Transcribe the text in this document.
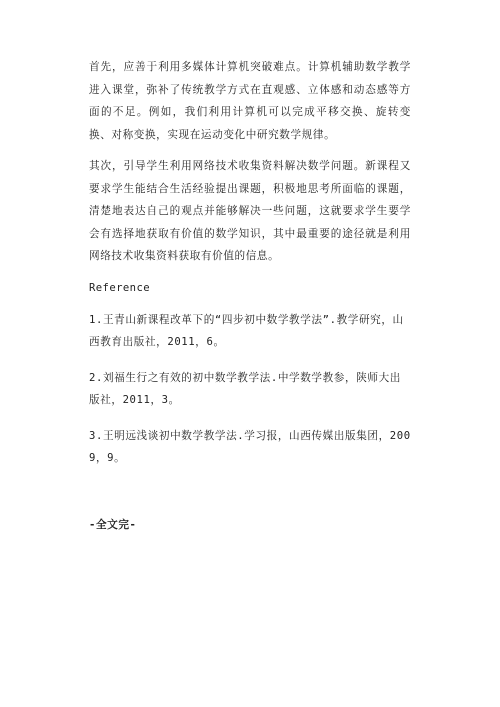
首先，应善于利用多媒体计算机突破难点。计算机辅助数学教学进入课堂，弥补了传统教学方式在直观感、立体感和动态感等方面的不足。例如，我们利用计算机可以完成平移交换、旋转变换、对称变换，实现在运动变化中研究数学规律。

其次，引导学生利用网络技术收集资料解决数学问题。新课程又要求学生能结合生活经验提出课题，积极地思考所面临的课题，清楚地表达自己的观点并能够解决一些问题，这就要求学生要学会有选择地获取有价值的数学知识，其中最重要的途径就是利用网络技术收集资料获取有价值的信息。

Reference

1.王青山新课程改革下的“四步初中数学教学法”.教学研究，山西教育出版社，2011，6。

2.刘福生行之有效的初中数学教学法.中学数学教参，陕师大出版社，2011，3。

3.王明远浅谈初中数学教学法.学习报，山西传媒出版集团，2009，9。

-全文完-
